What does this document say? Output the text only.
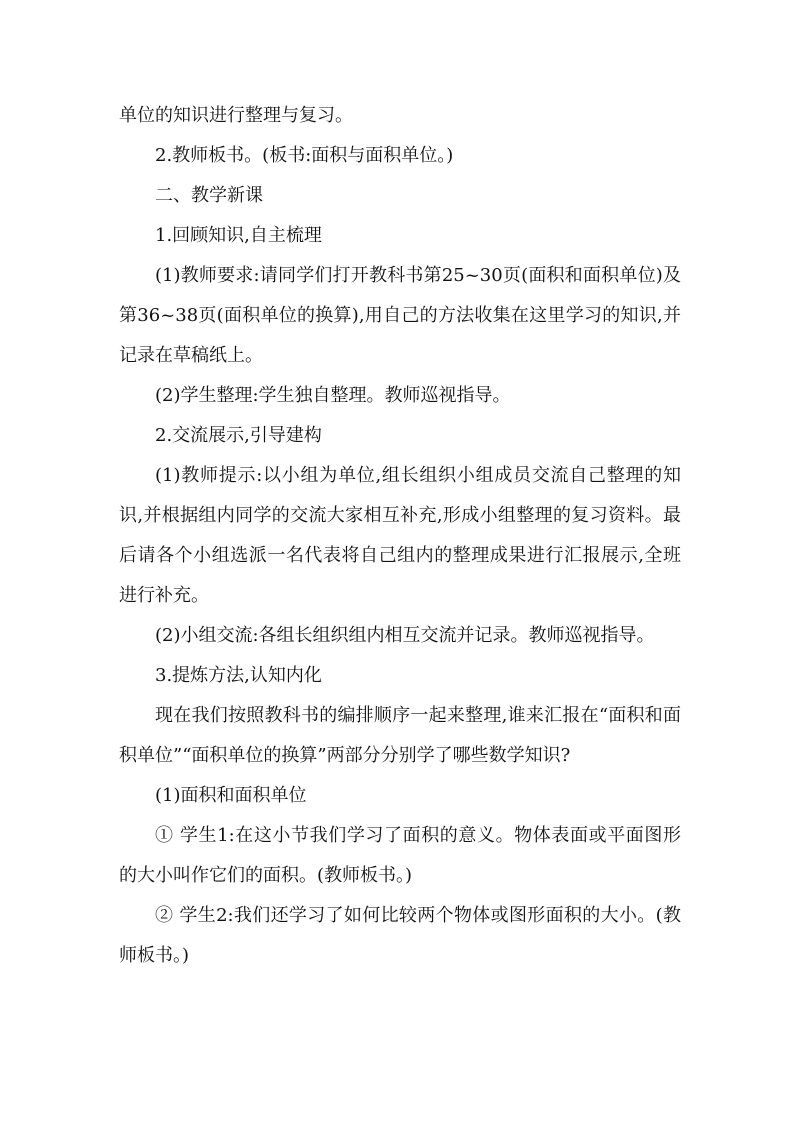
单位的知识进行整理与复习。

2.教师板书。(板书:面积与面积单位。)

二、教学新课

1.回顾知识,自主梳理

(1)教师要求:请同学们打开教科书第25~30页(面积和面积单位)及第36~38页(面积单位的换算),用自己的方法收集在这里学习的知识,并记录在草稿纸上。

(2)学生整理:学生独自整理。教师巡视指导。

2.交流展示,引导建构

(1)教师提示:以小组为单位,组长组织小组成员交流自己整理的知识,并根据组内同学的交流大家相互补充,形成小组整理的复习资料。最后请各个小组选派一名代表将自己组内的整理成果进行汇报展示,全班进行补充。

(2)小组交流:各组长组织组内相互交流并记录。教师巡视指导。

3.提炼方法,认知内化

现在我们按照教科书的编排顺序一起来整理,谁来汇报在“面积和面积单位”“面积单位的换算”两部分分别学了哪些数学知识?

(1)面积和面积单位

① 学生1:在这小节我们学习了面积的意义。物体表面或平面图形的大小叫作它们的面积。(教师板书。)

② 学生2:我们还学习了如何比较两个物体或图形面积的大小。(教师板书。)
